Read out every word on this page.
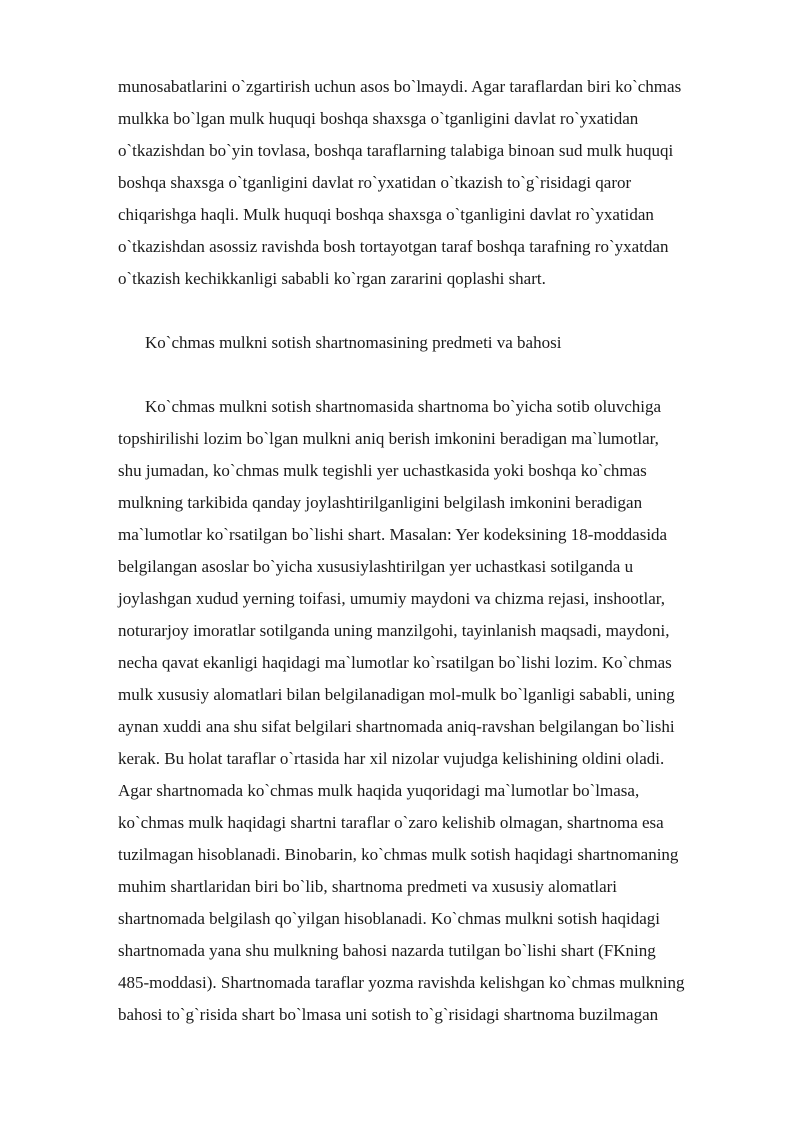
munosabatlarini o`zgartirish uchun asos bo`lmaydi. Agar taraflardan biri ko`chmas
mulkka bo`lgan mulk huquqi boshqa shaxsga o`tganligini davlat ro`yxatidan
o`tkazishdan bo`yin tovlasa, boshqa taraflarning talabiga binoan sud mulk huquqi
boshqa shaxsga o`tganligini davlat ro`yxatidan o`tkazish to`g`risidagi qaror
chiqarishga haqli. Mulk huquqi boshqa shaxsga o`tganligini davlat ro`yxatidan
o`tkazishdan asossiz ravishda bosh tortayotgan taraf boshqa tarafning ro`yxatdan
o`tkazish kechikkanligi sababli ko`rgan zararini qoplashi shart.
Ko`chmas mulkni sotish shartnomasining predmeti va bahosi
Ko`chmas mulkni sotish shartnomasida shartnoma bo`yicha sotib oluvchiga
topshirilishi lozim bo`lgan mulkni aniq berish imkonini beradigan ma`lumotlar,
shu jumadan, ko`chmas mulk tegishli yer uchastkasida yoki boshqa ko`chmas
mulkning tarkibida qanday joylashtirilganligini belgilash imkonini beradigan
ma`lumotlar ko`rsatilgan bo`lishi shart. Masalan: Yer kodeksining 18-moddasida
belgilangan asoslar bo`yicha xususiylashtirilgan yer uchastkasi sotilganda u
joylashgan xudud yerning toifasi, umumiy maydoni va chizma rejasi, inshootlar,
noturarjoy imoratlar sotilganda uning manzilgohi, tayinlanish maqsadi, maydoni,
necha qavat ekanligi haqidagi ma`lumotlar ko`rsatilgan bo`lishi lozim. Ko`chmas
mulk xususiy alomatlari bilan belgilanadigan mol-mulk bo`lganligi sababli, uning
aynan xuddi ana shu sifat belgilari shartnomada aniq-ravshan belgilangan bo`lishi
kerak. Bu holat taraflar o`rtasida har xil nizolar vujudga kelishining oldini oladi.
Agar shartnomada ko`chmas mulk haqida yuqoridagi ma`lumotlar bo`lmasa,
ko`chmas mulk haqidagi shartni taraflar o`zaro kelishib olmagan, shartnoma esa
tuzilmagan hisoblanadi. Binobarin, ko`chmas mulk sotish haqidagi shartnomaning
muhim shartlaridan biri bo`lib, shartnoma predmeti va xususiy alomatlari
shartnomada belgilash qo`yilgan hisoblanadi. Ko`chmas mulkni sotish haqidagi
shartnomada yana shu mulkning bahosi nazarda tutilgan bo`lishi shart (FKning
485-moddasi). Shartnomada taraflar yozma ravishda kelishgan ko`chmas mulkning
bahosi to`g`risida shart bo`lmasa uni sotish to`g`risidagi shartnoma buzilmagan
